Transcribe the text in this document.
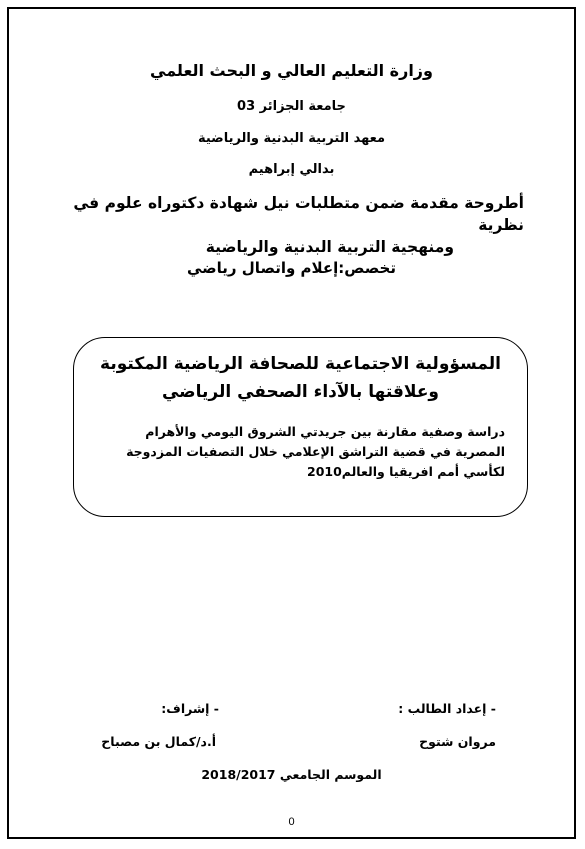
وزارة التعليم العالي و البحث العلمي
جامعة الجزائر 03
معهد التربية البدنية والرياضية
بدالي إبراهيم
أطروحة مقدمة ضمن متطلبات نيل شهادة دكتوراه علوم في نظرية
ومنهجية التربية البدنية والرياضية
تخصص:إعلام واتصال رياضي
المسؤولية الاجتماعية للصحافة الرياضية المكتوبة
وعلاقتها بالآداء الصحفي الرياضي
دراسة وصفية مقارنة بين جريدتي الشروق اليومي والأهرام المصرية في قضية التراشق الإعلامي خلال التصفيات المزدوجة لكأسي أمم افريقيا والعالم2010
- إعداد الطالب :
- إشراف:
مروان شتوح
أ.د/كمال بن مصباح
الموسم الجامعي 2018/2017
0
